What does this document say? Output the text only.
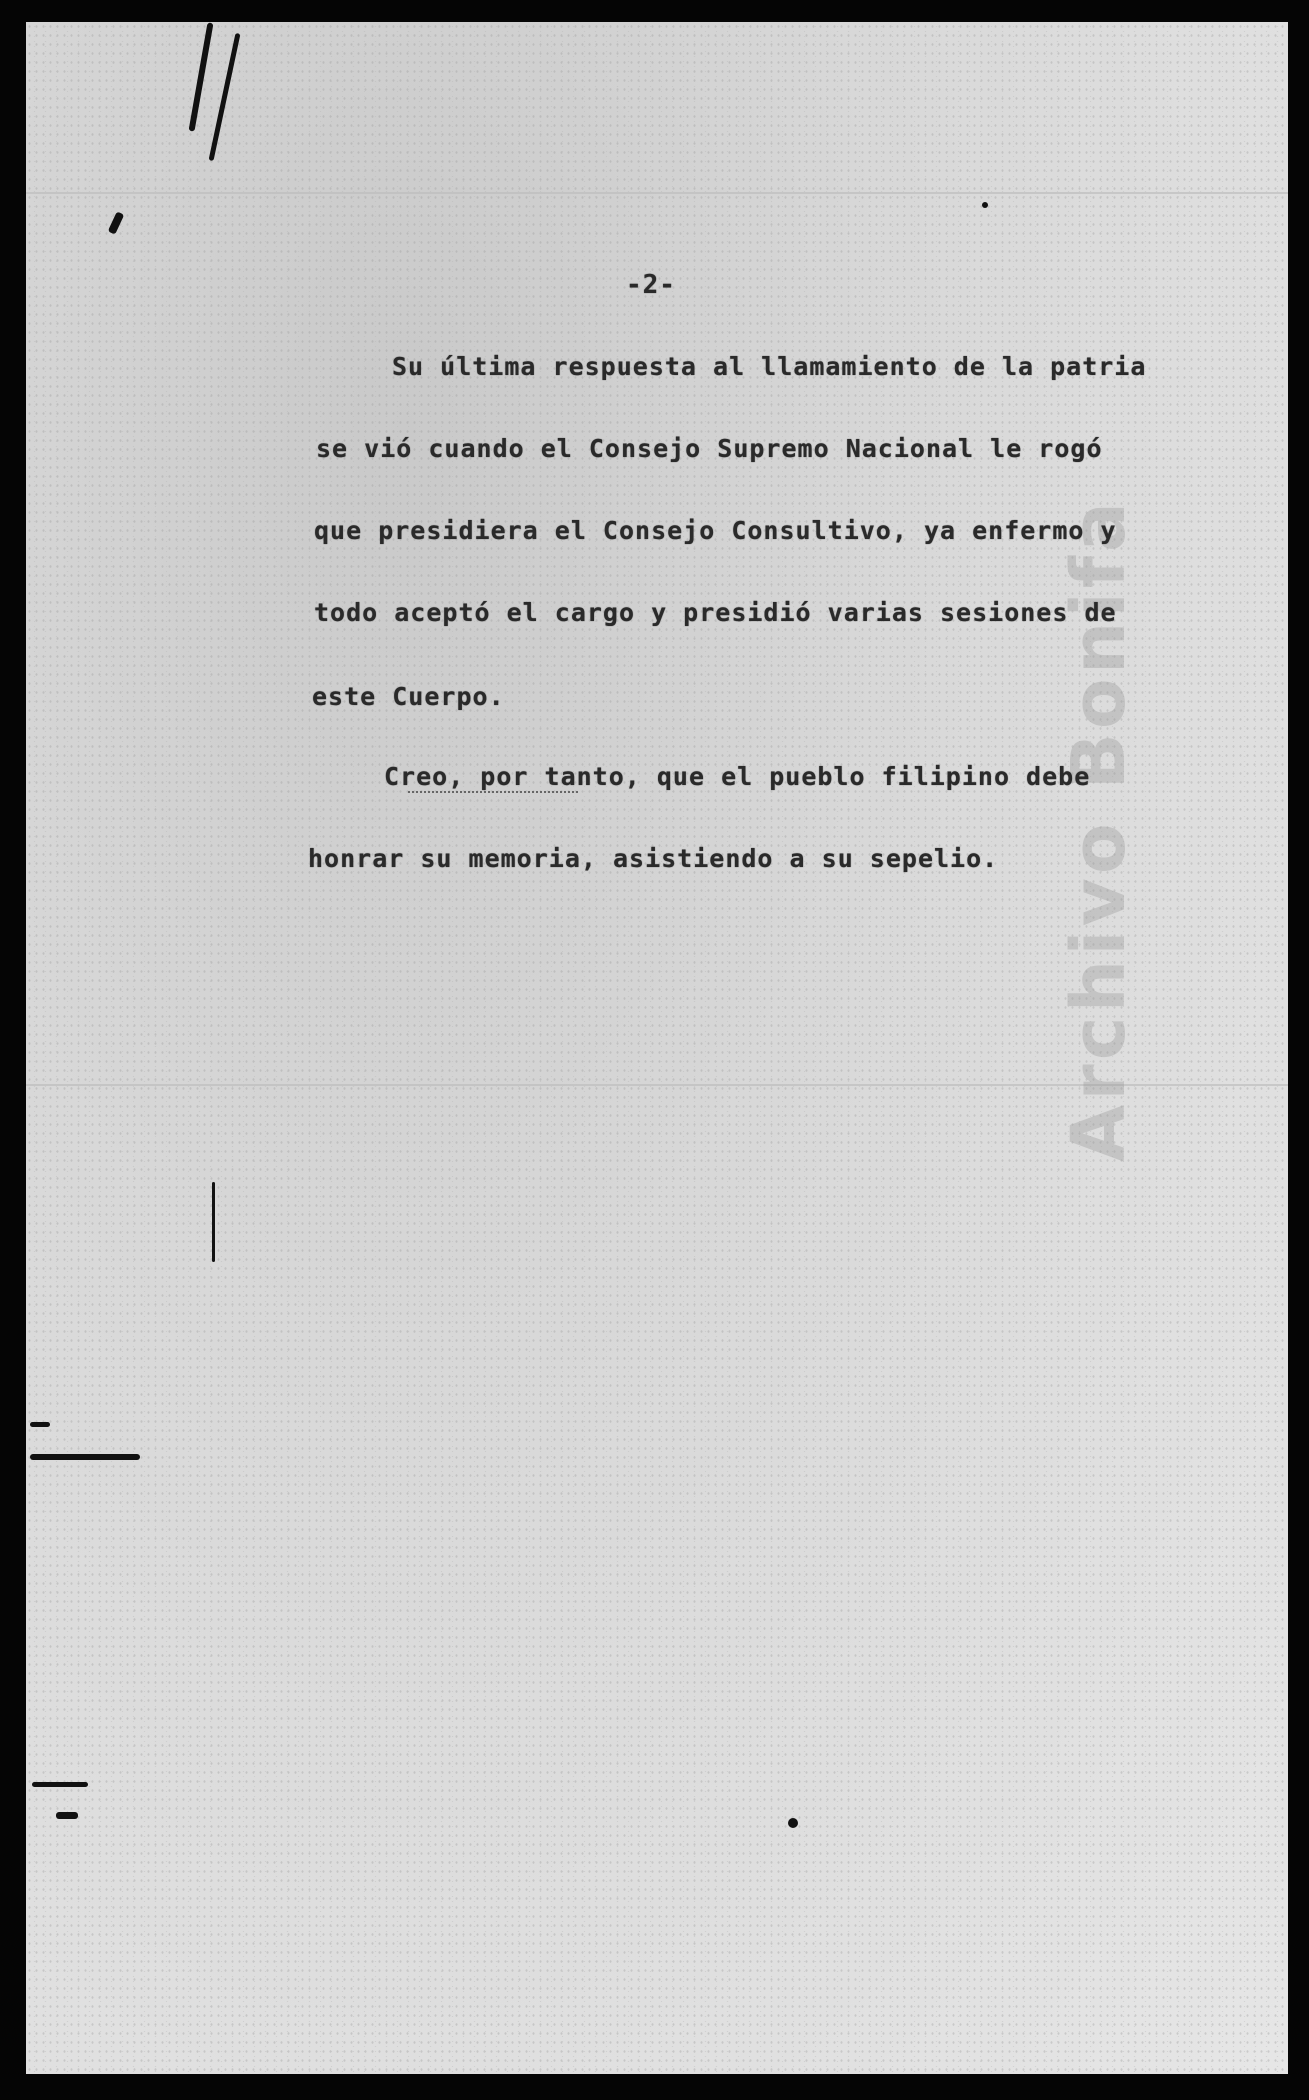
Archivo Bonifa
-2-
Su última respuesta al llamamiento de la patria
se vió cuando el Consejo Supremo Nacional le rogó
que presidiera el Consejo Consultivo, ya enfermo y
todo aceptó el cargo y presidió varias sesiones de
este Cuerpo.
Creo, por tanto, que el pueblo filipino debe
honrar su memoria, asistiendo a su sepelio.
